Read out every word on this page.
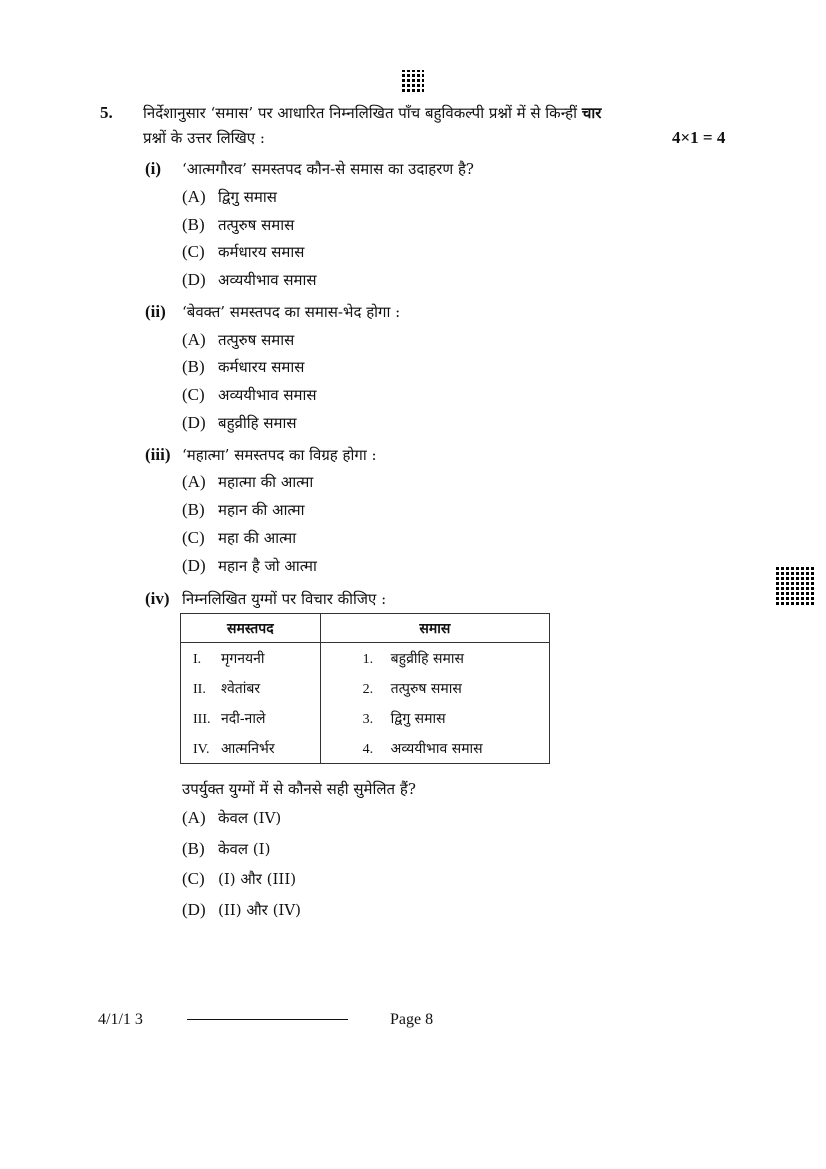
5. निर्देशानुसार ‘समास’ पर आधारित निम्नलिखित पाँच बहुविकल्पी प्रश्नों में से किन्हीं चार
प्रश्नों के उत्तर लिखिए :	4×1 = 4
समस्तपद	समास
I. मृगनयनी	1. बहुव्रीहि समास
II. श्वेतांबर	2. तत्पुरुष समास
III. नदी-नाले	3. द्विगु समास
IV. आत्मनिर्भर	4. अव्ययीभाव समास
4/1/1 3	Page 8
(i) ‘आत्मगौरव’ समस्तपद कौन-से समास का उदाहरण है?
(A) द्विगु समास
(B) तत्पुरुष समास
(C) कर्मधारय समास
(D) अव्ययीभाव समास
(ii) ‘बेवक्त’ समस्तपद का समास-भेद होगा :
(A) तत्पुरुष समास
(B) कर्मधारय समास
(C) अव्ययीभाव समास
(D) बहुव्रीहि समास
(iii) ‘महात्मा’ समस्तपद का विग्रह होगा :
(A) महात्मा की आत्मा
(B) महान की आत्मा
(C) महा की आत्मा
(D) महान है जो आत्मा
(iv) निम्नलिखित युग्मों पर विचार कीजिए :
(A) केवल (IV)
(B) केवल (I)
(C) (I) और (III)
(D) (II) और (IV)
उपर्युक्त युग्मों में से कौनसे सही सुमेलित हैं?
